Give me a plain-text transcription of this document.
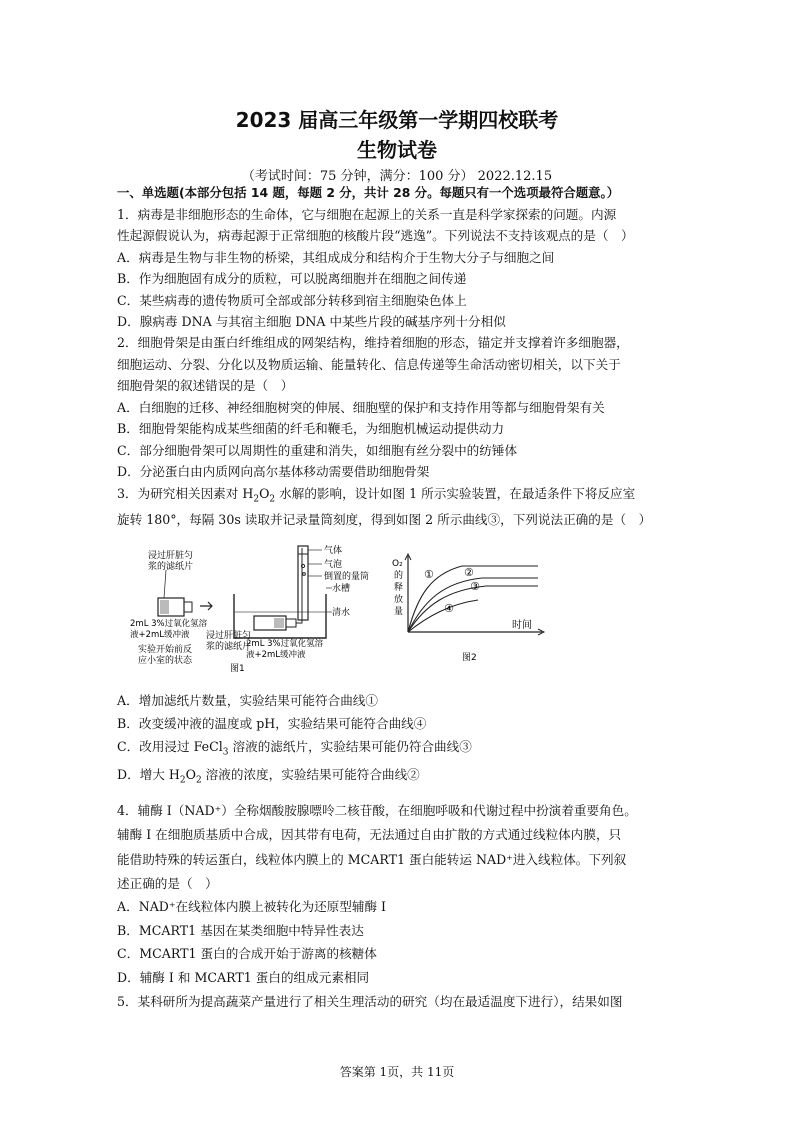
2023 届高三年级第一学期四校联考
生物试卷
（考试时间：75 分钟，满分：100 分） 2022.12.15
一、单选题(本部分包括 14 题，每题 2 分，共计 28 分。每题只有一个选项最符合题意。）
1．病毒是非细胞形态的生命体，它与细胞在起源上的关系一直是科学家探索的问题。内源
性起源假说认为，病毒起源于正常细胞的核酸片段“逃逸”。下列说法不支持该观点的是（　）
A．病毒是生物与非生物的桥梁，其组成成分和结构介于生物大分子与细胞之间
B．作为细胞固有成分的质粒，可以脱离细胞并在细胞之间传递
C．某些病毒的遗传物质可全部或部分转移到宿主细胞染色体上
D．腺病毒 DNA 与其宿主细胞 DNA 中某些片段的碱基序列十分相似
2．细胞骨架是由蛋白纤维组成的网架结构，维持着细胞的形态，锚定并支撑着许多细胞器，
细胞运动、分裂、分化以及物质运输、能量转化、信息传递等生命活动密切相关，以下关于
细胞骨架的叙述错误的是（　）
A．白细胞的迁移、神经细胞树突的伸展、细胞壁的保护和支持作用等都与细胞骨架有关
B．细胞骨架能构成某些细菌的纤毛和鞭毛，为细胞机械运动提供动力
C．部分细胞骨架可以周期性的重建和消失，如细胞有丝分裂中的纺锤体
D．分泌蛋白由内质网向高尔基体移动需要借助细胞骨架
3．为研究相关因素对 $H_2O_2$ 水解的影响，设计如图 1 所示实验装置，在最适条件下将反应室
旋转 180°，每隔 30s 读取并记录量筒刻度，得到如图 2 所示曲线③，下列说法正确的是（　）
浸过肝脏匀
浆的滤纸片
2mL 3%过氧化氢溶
液+2mL缓冲液
实验开始前反
应小室的状态
气体
气泡
倒置的量筒
水槽
清水
浸过肝脏匀
浆的滤纸片
2mL 3%过氧化氢溶
液+2mL缓冲液
图1
O₂
的
释
放
量
①	②
③
④
时间
图2
A．增加滤纸片数量，实验结果可能符合曲线①
B．改变缓冲液的温度或 pH，实验结果可能符合曲线④
C．改用浸过 FeCl$_3$ 溶液的滤纸片，实验结果可能仍符合曲线③
D．增大 $H_2O_2$ 溶液的浓度，实验结果可能符合曲线②
4．辅酶 I（NAD⁺）全称烟酸胺腺嘌呤二核苷酸，在细胞呼吸和代谢过程中扮演着重要角色。
辅酶 I 在细胞质基质中合成，因其带有电荷，无法通过自由扩散的方式通过线粒体内膜，只
能借助特殊的转运蛋白，线粒体内膜上的 MCART1 蛋白能转运 NAD⁺进入线粒体。下列叙
述正确的是（　）
A．NAD⁺在线粒体内膜上被转化为还原型辅酶 I
B．MCART1 基因在某类细胞中特异性表达
C．MCART1 蛋白的合成开始于游离的核糖体
D．辅酶 I 和 MCART1 蛋白的组成元素相同
5．某科研所为提高蔬菜产量进行了相关生理活动的研究（均在最适温度下进行），结果如图
答案第 1页，共 11页
